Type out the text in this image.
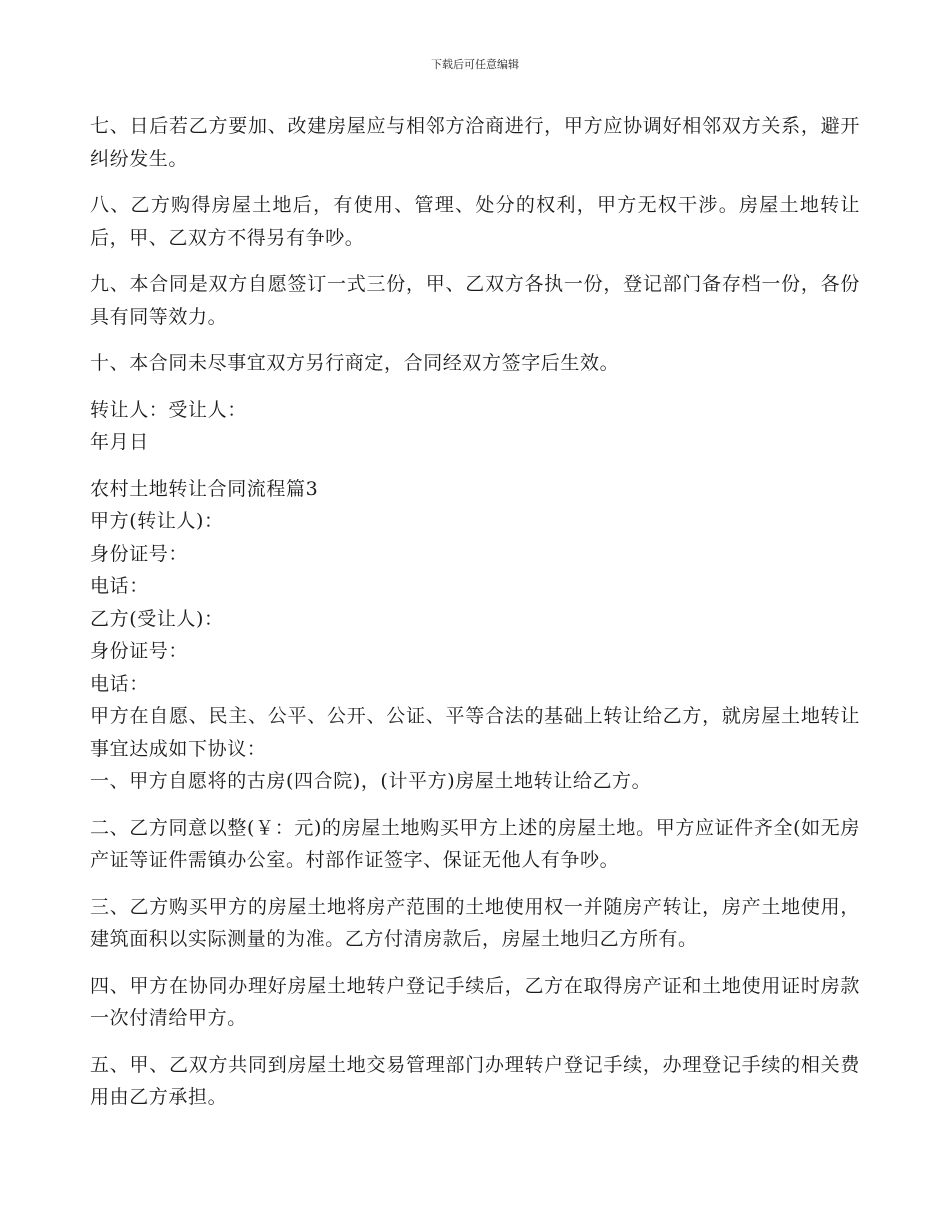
下载后可任意编辑

七、日后若乙方要加、改建房屋应与相邻方洽商进行，甲方应协调好相邻双方关系，避开纠纷发生。

八、乙方购得房屋土地后，有使用、管理、处分的权利，甲方无权干涉。房屋土地转让后，甲、乙双方不得另有争吵。

九、本合同是双方自愿签订一式三份，甲、乙双方各执一份，登记部门备存档一份，各份具有同等效力。

十、本合同未尽事宜双方另行商定，合同经双方签字后生效。

转让人：受让人：

年月日

农村土地转让合同流程篇3

甲方(转让人)：

身份证号：

电话：

乙方(受让人)：

身份证号：

电话：

甲方在自愿、民主、公平、公开、公证、平等合法的基础上转让给乙方，就房屋土地转让事宜达成如下协议：

一、甲方自愿将的古房(四合院)，(计平方)房屋土地转让给乙方。

二、乙方同意以整(￥：元)的房屋土地购买甲方上述的房屋土地。甲方应证件齐全(如无房产证等证件需镇办公室。村部作证签字、保证无他人有争吵。

三、乙方购买甲方的房屋土地将房产范围的土地使用权一并随房产转让，房产土地使用，建筑面积以实际测量的为准。乙方付清房款后，房屋土地归乙方所有。

四、甲方在协同办理好房屋土地转户登记手续后，乙方在取得房产证和土地使用证时房款一次付清给甲方。

五、甲、乙双方共同到房屋土地交易管理部门办理转户登记手续，办理登记手续的相关费用由乙方承担。
